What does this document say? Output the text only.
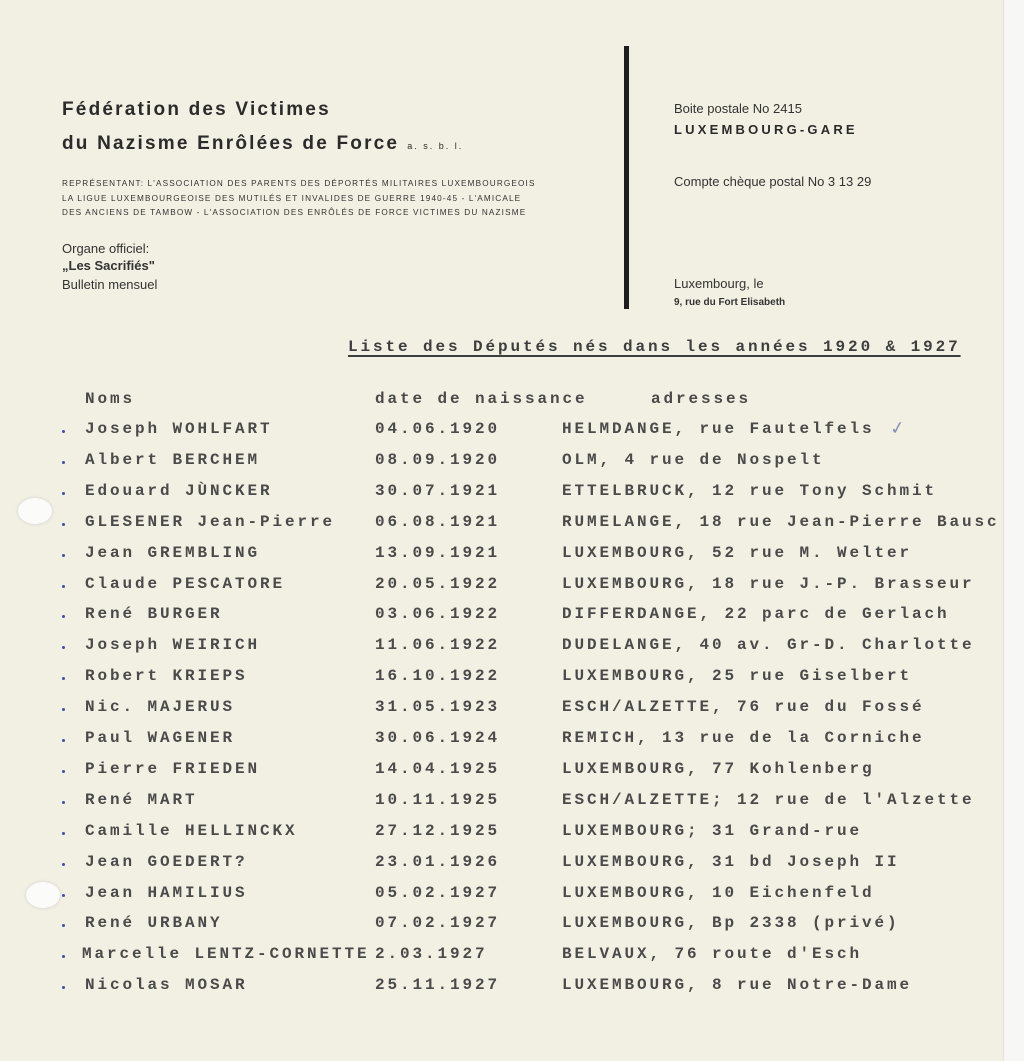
Fédération des Victimes
du Nazisme Enrôlées de Force a. s. b. l.
REPRÉSENTANT: L'ASSOCIATION DES PARENTS DES DÉPORTÉS MILITAIRES LUXEMBOURGEOIS
LA LIGUE LUXEMBOURGEOISE DES MUTILÉS ET INVALIDES DE GUERRE 1940-45 - L'AMICALE
DES ANCIENS DE TAMBOW - L'ASSOCIATION DES ENRÔLÉS DE FORCE VICTIMES DU NAZISME
Organe officiel:
„Les Sacrifiés"
Bulletin mensuel
Boite postale No 2415
LUXEMBOURG-GARE
Compte chèque postal No 3 13 29
Luxembourg, le
9, rue du Fort Elisabeth
Liste des Députés nés dans les années 1920 & 1927
Noms	date de naissance	adresses
Joseph WOHLFART	04.06.1920	HELMDANGE, rue Fautelfels
Albert BERCHEM	08.09.1920	OLM, 4 rue de Nospelt
Edouard JÙNCKER	30.07.1921	ETTELBRUCK, 12 rue Tony Schmit
GLESENER Jean-Pierre 06.08.1921	RUMELANGE, 18 rue Jean-Pierre Bausc
Jean GREMBLING	13.09.1921	LUXEMBOURG, 52 rue M. Welter
Claude PESCATORE	20.05.1922	LUXEMBOURG, 18 rue J.-P. Brasseur
René BURGER	03.06.1922	DIFFERDANGE, 22 parc de Gerlach
Joseph WEIRICH	11.06.1922	DUDELANGE, 40 av. Gr-D. Charlotte
Robert KRIEPS	16.10.1922	LUXEMBOURG, 25 rue Giselbert
Nic. MAJERUS	31.05.1923	ESCH/ALZETTE, 76 rue du Fossé
Paul WAGENER	30.06.1924	REMICH, 13 rue de la Corniche
Pierre FRIEDEN	14.04.1925	LUXEMBOURG, 77 Kohlenberg
René MART	10.11.1925	ESCH/ALZETTE; 12 rue de l'Alzette
Camille HELLINCKX	27.12.1925	LUXEMBOURG; 31 Grand-rue
Jean GOEDERT?	23.01.1926	LUXEMBOURG, 31 bd Joseph II
Jean HAMILIUS	05.02.1927	LUXEMBOURG, 10 Eichenfeld
René URBANY	07.02.1927	LUXEMBOURG, Bp 2338 (privé)
Marcelle LENTZ-CORNETTE 2.03.1927	BELVAUX, 76 route d'Esch
Nicolas MOSAR	25.11.1927	LUXEMBOURG, 8 rue Notre-Dame
✓
